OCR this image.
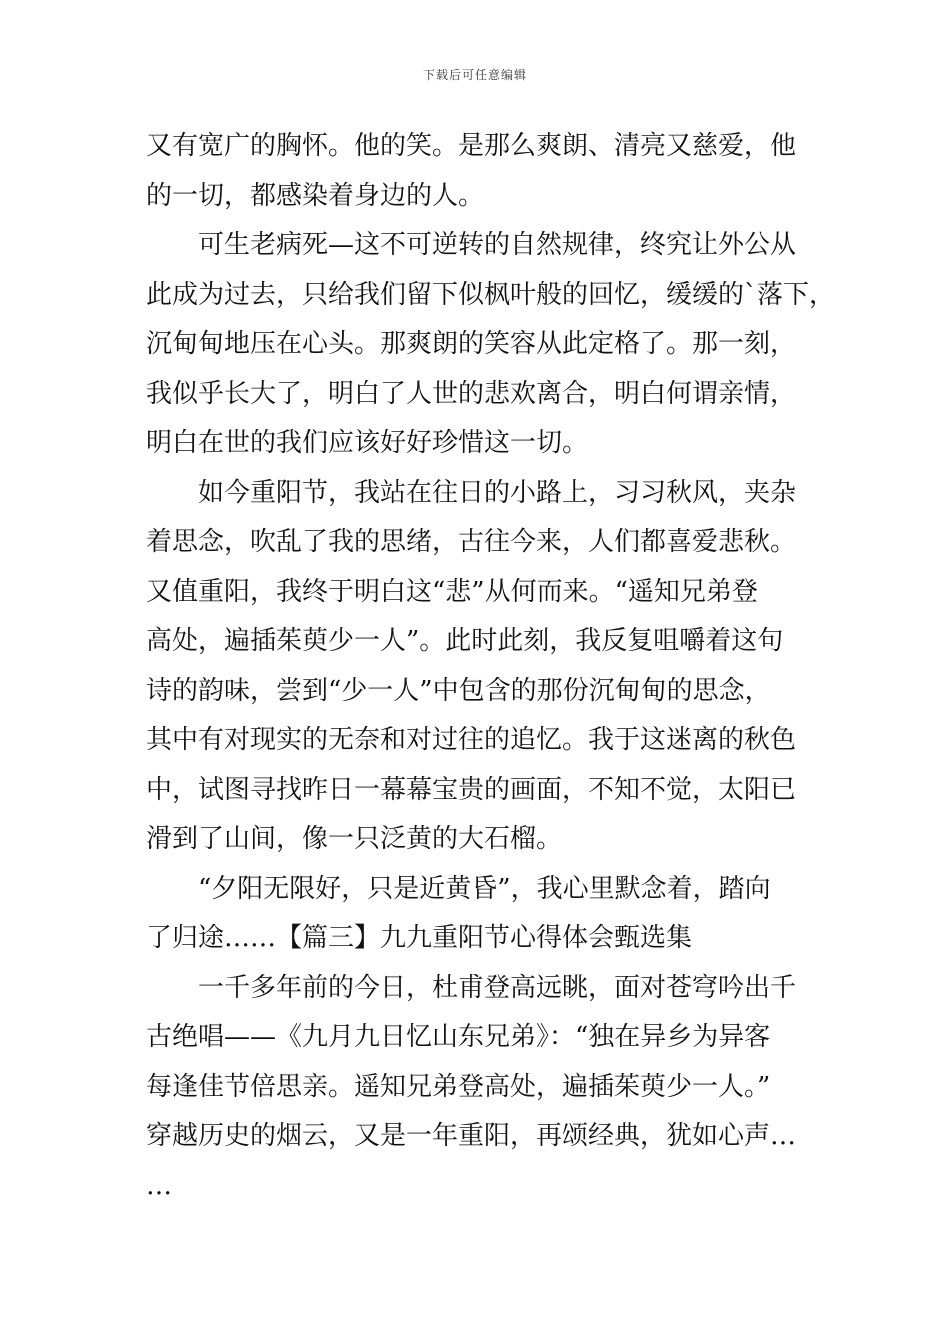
下载后可任意编辑
又有宽广的胸怀。他的笑。是那么爽朗、清亮又慈爱，他
的一切，都感染着身边的人。
可生老病死—这不可逆转的自然规律，终究让外公从
此成为过去，只给我们留下似枫叶般的回忆，缓缓的`落下，
沉甸甸地压在心头。那爽朗的笑容从此定格了。那一刻，
我似乎长大了，明白了人世的悲欢离合，明白何谓亲情，
明白在世的我们应该好好珍惜这一切。
如今重阳节，我站在往日的小路上，习习秋风，夹杂
着思念，吹乱了我的思绪，古往今来，人们都喜爱悲秋。
又值重阳，我终于明白这“悲”从何而来。“遥知兄弟登
高处，遍插茱萸少一人”。此时此刻，我反复咀嚼着这句
诗的韵味，尝到“少一人”中包含的那份沉甸甸的思念，
其中有对现实的无奈和对过往的追忆。我于这迷离的秋色
中，试图寻找昨日一幕幕宝贵的画面，不知不觉，太阳已
滑到了山间，像一只泛黄的大石榴。
“夕阳无限好，只是近黄昏”，我心里默念着，踏向
了归途……【篇三】九九重阳节心得体会甄选集
一千多年前的今日，杜甫登高远眺，面对苍穹吟出千
古绝唱——《九月九日忆山东兄弟》：“独在异乡为异客
每逢佳节倍思亲。遥知兄弟登高处，遍插茱萸少一人。”
穿越历史的烟云，又是一年重阳，再颂经典，犹如心声…
…
